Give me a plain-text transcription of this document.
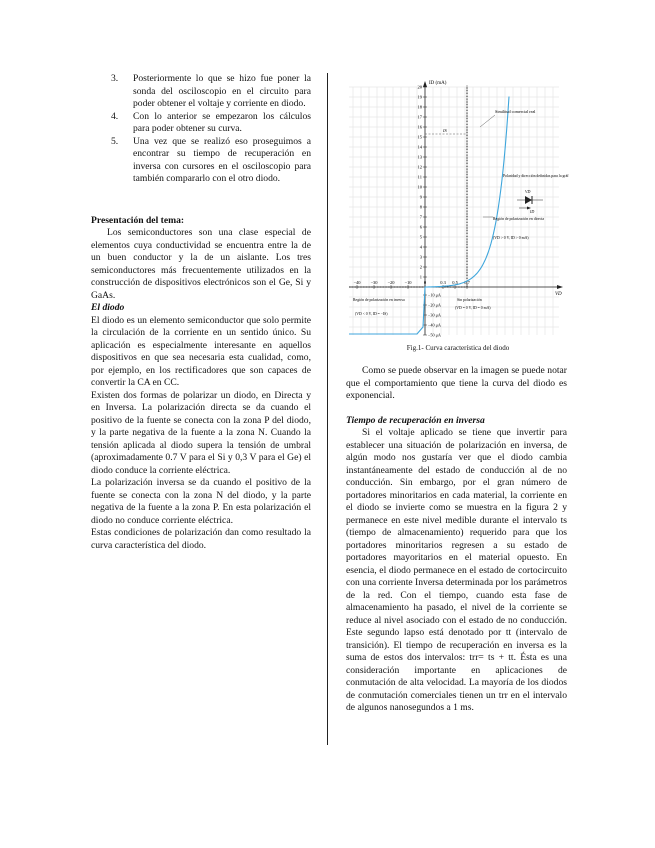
3. Posteriormente lo que se hizo fue poner la sonda del osciloscopio en el circuito para poder obtener el voltaje y corriente en diodo.
4. Con lo anterior se empezaron los cálculos para poder obtener su curva.
5. Una vez que se realizó eso proseguimos a encontrar su tiempo de recuperación en inversa con cursores en el osciloscopio para también compararlo con el otro diodo.

Presentación del tema:

Los semiconductores son una clase especial de elementos cuya conductividad se encuentra entre la de un buen conductor y la de un aislante. Los tres semiconductores más frecuentemente utilizados en la construcción de dispositivos electrónicos son el Ge, Si y GaAs.

El diodo

El diodo es un elemento semiconductor que solo permite la circulación de la corriente en un sentido único. Su aplicación es especialmente interesante en aquellos dispositivos en que sea necesaria esta cualidad, como, por ejemplo, en los rectificadores que son capaces de convertir la CA en CC.

Existen dos formas de polarizar un diodo, en Directa y en Inversa. La polarización directa se da cuando el positivo de la fuente se conecta con la zona P del diodo, y la parte negativa de la fuente a la zona N. Cuando la tensión aplicada al diodo supera la tensión de umbral (aproximadamente 0.7 V para el Si y 0,3 V para el Ge) el diodo conduce la corriente eléctrica.

La polarización inversa se da cuando el positivo de la fuente se conecta con la zona N del diodo, y la parte negativa de la fuente a la zona P. En esta polarización el diodo no conduce corriente eléctrica.

Estas condiciones de polarización dan como resultado la curva característica del diodo.

ID (mA)
VD
20
19
18
17
16
15
14
13
12
11
10
9
8
7
6
5
4
3
2
1
−40 −30 −20 −10	0	0.3 0.5 0.7
−10 μA
−20 μA
−30 μA
−40 μA
−50 μA
Similitud comercial real
IS
Polaridad y dirección definidas para la gráfica
VD
ID
Región de polarización en directa
(VD > 0 V, ID > 0 mA)
Región de polarización en inversa
(VD < 0 V, ID = −IS)
Sin polarización
(VD = 0 V, ID = 0 mA)

Fig.1- Curva característica del diodo

Como se puede observar en la imagen se puede notar que el comportamiento que tiene la curva del diodo es exponencial.

Tiempo de recuperación en inversa

Si el voltaje aplicado se tiene que invertir para establecer una situación de polarización en inversa, de algún modo nos gustaría ver que el diodo cambia instantáneamente del estado de conducción al de no conducción. Sin embargo, por el gran número de portadores minoritarios en cada material, la corriente en el diodo se invierte como se muestra en la figura 2 y permanece en este nivel medible durante el intervalo ts (tiempo de almacenamiento) requerido para que los portadores minoritarios regresen a su estado de portadores mayoritarios en el material opuesto. En esencia, el diodo permanece en el estado de cortocircuito con una corriente Inversa determinada por los parámetros de la red. Con el tiempo, cuando esta fase de almacenamiento ha pasado, el nivel de la corriente se reduce al nivel asociado con el estado de no conducción. Este segundo lapso está denotado por tt (intervalo de transición). El tiempo de recuperación en inversa es la suma de estos dos intervalos: trr= ts + tt. Ésta es una consideración importante en aplicaciones de conmutación de alta velocidad. La mayoría de los diodos de conmutación comerciales tienen un trr en el intervalo de algunos nanosegundos a 1 ms.
